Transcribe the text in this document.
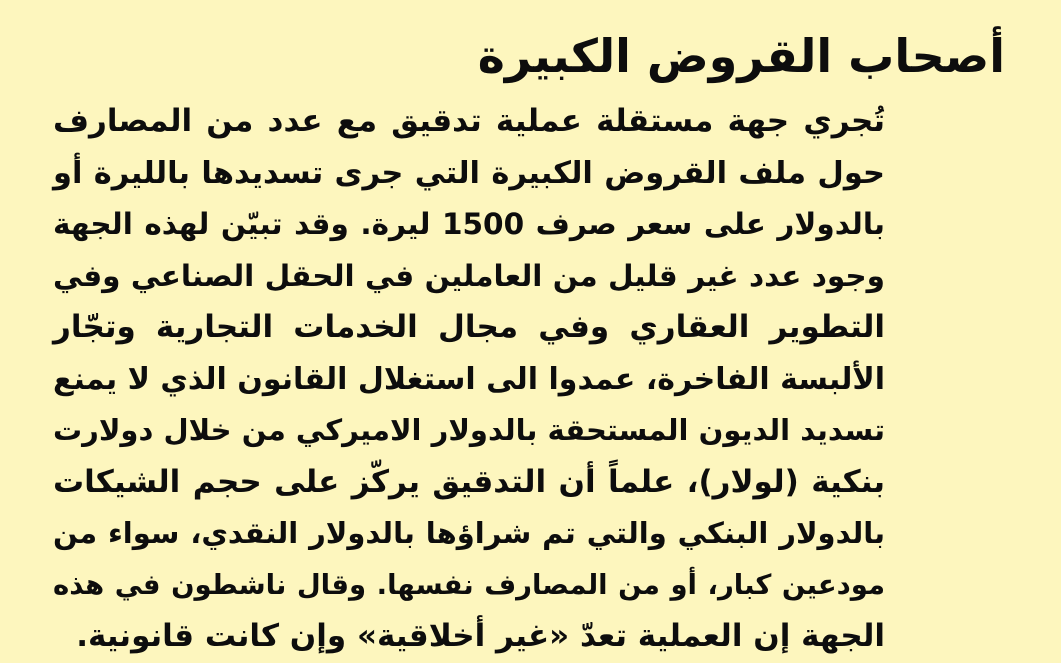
أصحاب القروض الكبيرة
تُجري جهة مستقلة عملية تدقيق مع عدد من المصارف
حول ملف القروض الكبيرة التي جرى تسديدها بالليرة أو
بالدولار على سعر صرف 1500 ليرة. وقد تبيّن لهذه الجهة
وجود عدد غير قليل من العاملين في الحقل الصناعي وفي
التطوير العقاري وفي مجال الخدمات التجارية وتجّار
الألبسة الفاخرة، عمدوا الى استغلال القانون الذي لا يمنع
تسديد الديون المستحقة بالدولار الاميركي من خلال دولارت
بنكية (لولار)، علماً أن التدقيق يركّز على حجم الشيكات
بالدولار البنكي والتي تم شراؤها بالدولار النقدي، سواء من
مودعين كبار، أو من المصارف نفسها. وقال ناشطون في هذه
الجهة إن العملية تعدّ «غير أخلاقية» وإن كانت قانونية.
